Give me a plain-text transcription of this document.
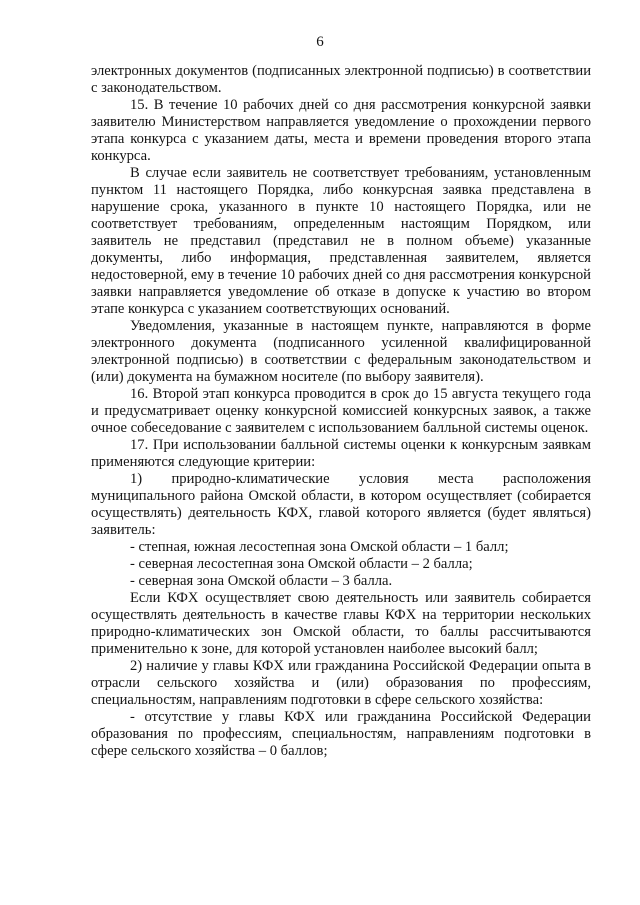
6

электронных документов (подписанных электронной подписью) в соответствии с законодательством.

15. В течение 10 рабочих дней со дня рассмотрения конкурсной заявки заявителю Министерством направляется уведомление о прохождении первого этапа конкурса с указанием даты, места и времени проведения второго этапа конкурса.

В случае если заявитель не соответствует требованиям, установленным пунктом 11 настоящего Порядка, либо конкурсная заявка представлена в нарушение срока, указанного в пункте 10 настоящего Порядка, или не соответствует требованиям, определенным настоящим Порядком, или заявитель не представил (представил не в полном объеме) указанные документы, либо информация, представленная заявителем, является недостоверной, ему в течение 10 рабочих дней со дня рассмотрения конкурсной заявки направляется уведомление об отказе в допуске к участию во втором этапе конкурса с указанием соответствующих оснований.

Уведомления, указанные в настоящем пункте, направляются в форме электронного документа (подписанного усиленной квалифицированной электронной подписью) в соответствии с федеральным законодательством и (или) документа на бумажном носителе (по выбору заявителя).

16. Второй этап конкурса проводится в срок до 15 августа текущего года и предусматривает оценку конкурсной комиссией конкурсных заявок, а также очное собеседование с заявителем с использованием балльной системы оценок.

17. При использовании балльной системы оценки к конкурсным заявкам применяются следующие критерии:

1) природно-климатические условия места расположения муниципального района Омской области, в котором осуществляет (собирается осуществлять) деятельность КФХ, главой которого является (будет являться) заявитель:

- степная, южная лесостепная зона Омской области – 1 балл;

- северная лесостепная зона Омской области – 2 балла;

- северная зона Омской области – 3 балла.

Если КФХ осуществляет свою деятельность или заявитель собирается осуществлять деятельность в качестве главы КФХ на территории нескольких природно-климатических зон Омской области, то баллы рассчитываются применительно к зоне, для которой установлен наиболее высокий балл;

2) наличие у главы КФХ или гражданина Российской Федерации опыта в отрасли сельского хозяйства и (или) образования по профессиям, специальностям, направлениям подготовки в сфере сельского хозяйства:

- отсутствие у главы КФХ или гражданина Российской Федерации образования по профессиям, специальностям, направлениям подготовки в сфере сельского хозяйства – 0 баллов;
